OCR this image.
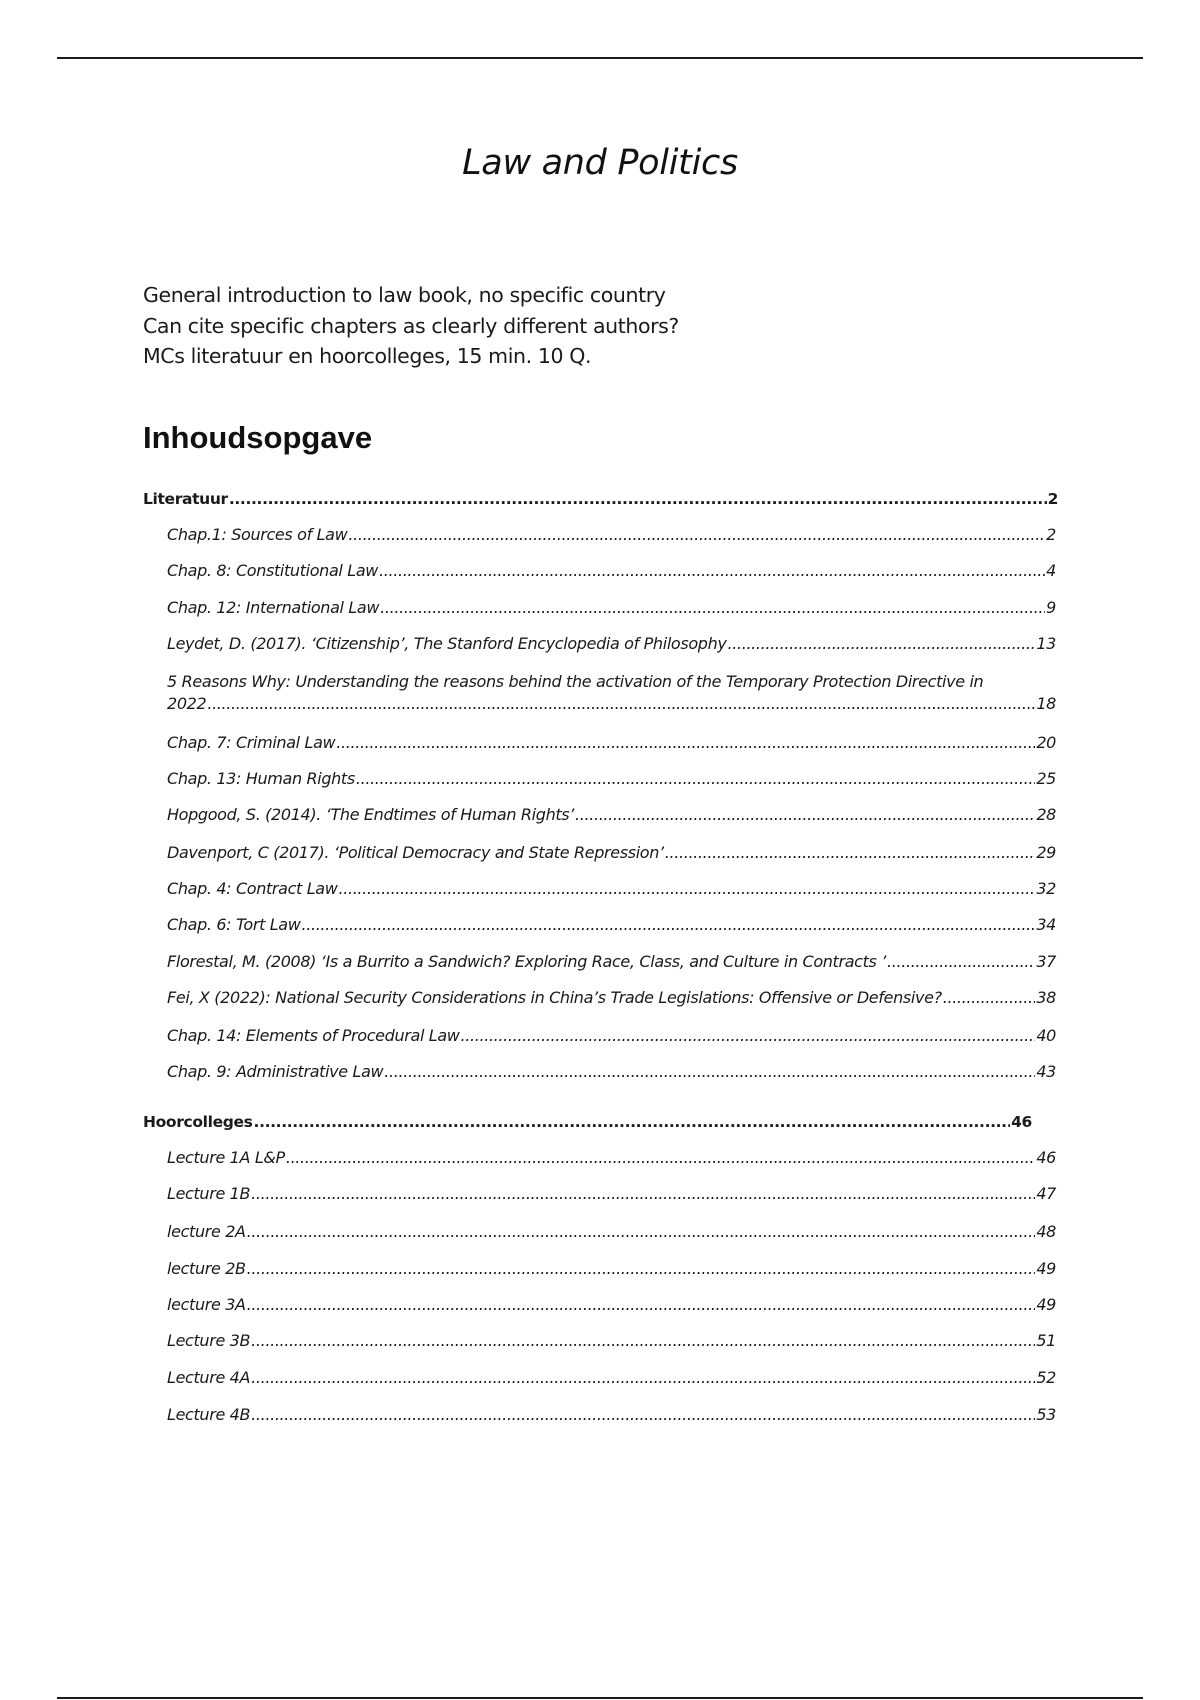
Law and Politics
General introduction to law book, no specific country
Can cite specific chapters as clearly different authors?
MCs literatuur en hoorcolleges, 15 min. 10 Q.
Inhoudsopgave
Literatuur .....	2
Chap.1: Sources of Law .....	2
Chap. 8: Constitutional Law .....	4
Chap. 12: International Law .....	9
Leydet, D. (2017). ‘Citizenship’, The Stanford Encyclopedia of Philosophy .....	13
5 Reasons Why: Understanding the reasons behind the activation of the Temporary Protection Directive in
2022 .....	18
Chap. 7: Criminal Law .....	20
Chap. 13: Human Rights .....	25
Hopgood, S. (2014). ‘The Endtimes of Human Rights’ .....	28
Davenport, C (2017). ‘Political Democracy and State Repression’ .....	29
Chap. 4: Contract Law .....	32
Chap. 6: Tort Law .....	34
Florestal, M. (2008) ‘Is a Burrito a Sandwich? Exploring Race, Class, and Culture in Contracts ’ .....	37
Fei, X (2022): National Security Considerations in China’s Trade Legislations: Offensive or Defensive? .....	38
Chap. 14: Elements of Procedural Law .....	40
Chap. 9: Administrative Law .....	43
Hoorcolleges .....	46
Lecture 1A L&P .....	46
Lecture 1B .....	47
lecture 2A .....	48
lecture 2B .....	49
lecture 3A .....	49
Lecture 3B .....	51
Lecture 4A .....	52
Lecture 4B .....	53
